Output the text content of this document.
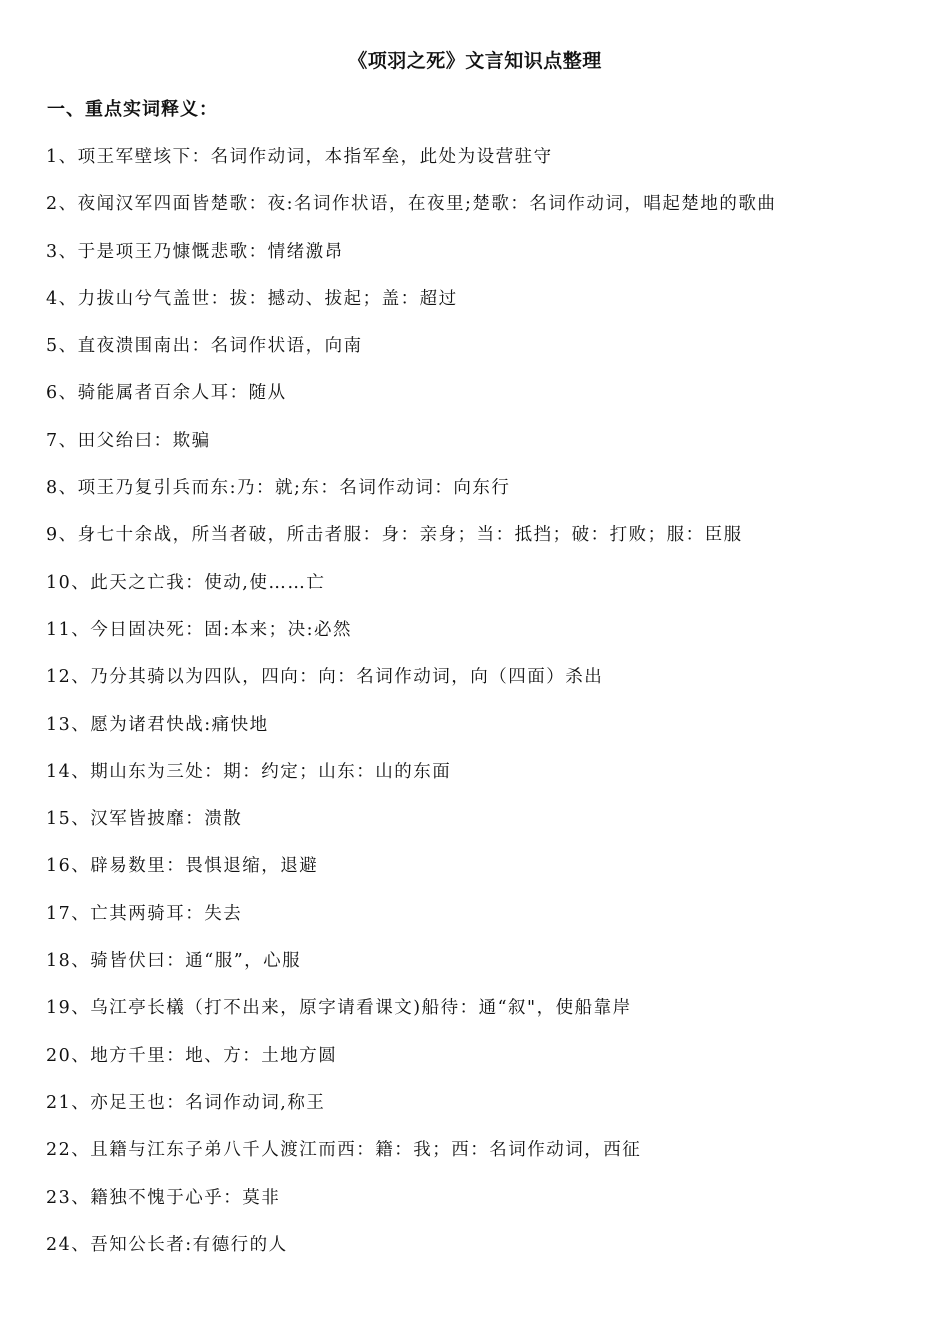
《项羽之死》文言知识点整理
一、重点实词释义：
1、项王军壁垓下：名词作动词，本指军垒，此处为设营驻守
2、夜闻汉军四面皆楚歌：夜:名词作状语，在夜里;楚歌：名词作动词，唱起楚地的歌曲
3、于是项王乃慷慨悲歌：情绪激昂
4、力拔山兮气盖世：拔：撼动、拔起；盖：超过
5、直夜溃围南出：名词作状语，向南
6、骑能属者百余人耳：随从
7、田父绐曰：欺骗
8、项王乃复引兵而东:乃：就;东：名词作动词：向东行
9、身七十余战，所当者破，所击者服：身：亲身；当：抵挡；破：打败；服：臣服
10、此天之亡我：使动,使……亡
11、今日固决死：固:本来；决:必然
12、乃分其骑以为四队，四向：向：名词作动词，向（四面）杀出
13、愿为诸君快战:痛快地
14、期山东为三处：期：约定；山东：山的东面
15、汉军皆披靡：溃散
16、辟易数里：畏惧退缩，退避
17、亡其两骑耳：失去
18、骑皆伏曰：通“服”，心服
19、乌江亭长檥（打不出来，原字请看课文)船待：通“叙"，使船靠岸
20、地方千里：地、方：土地方圆
21、亦足王也：名词作动词,称王
22、且籍与江东子弟八千人渡江而西：籍：我；西：名词作动词，西征
23、籍独不愧于心乎：莫非
24、吾知公长者:有德行的人
